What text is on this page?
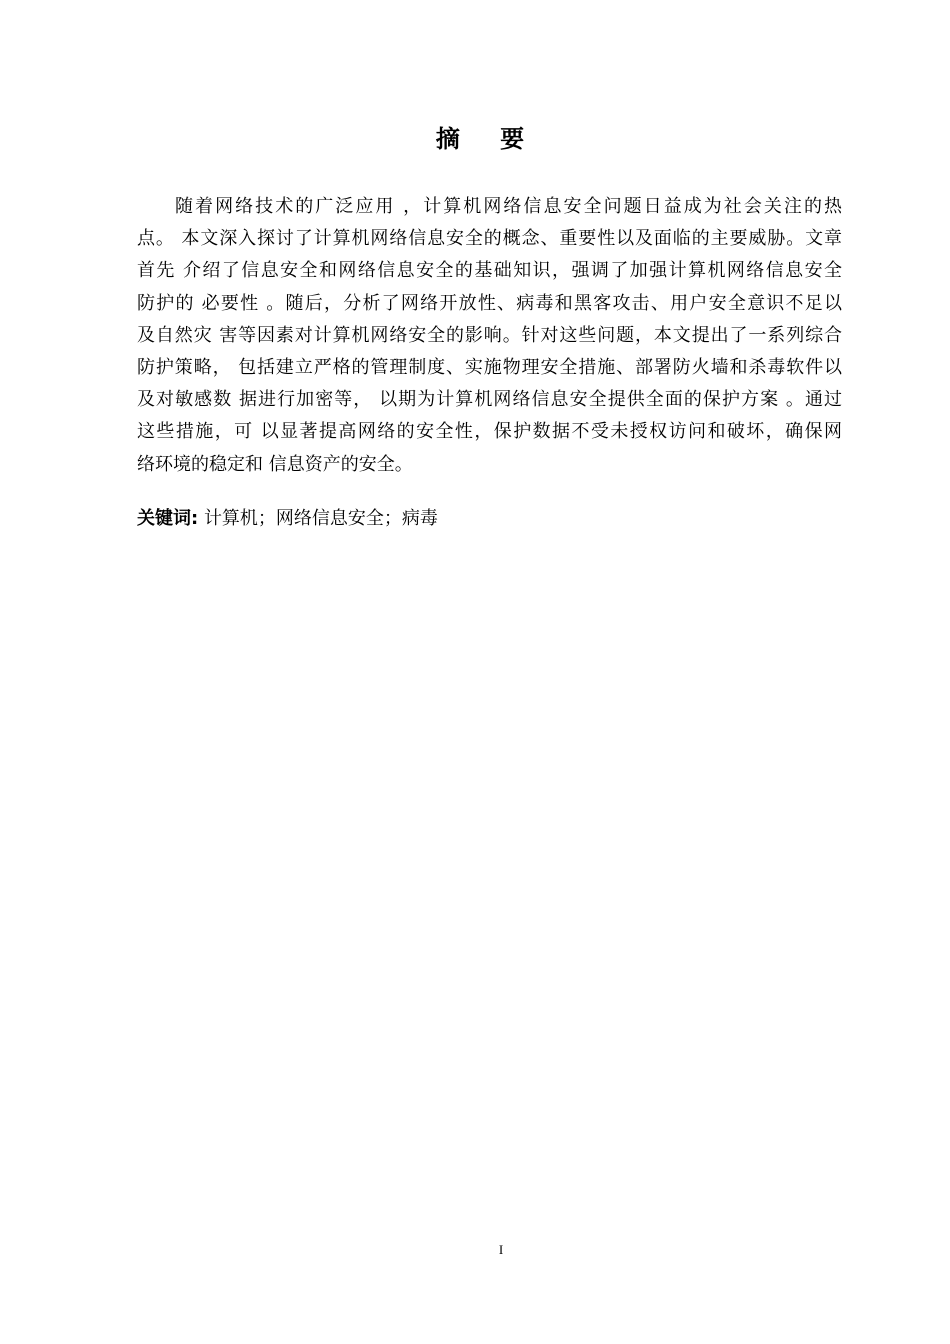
摘 要
随着网络技术的广泛应用 ，计算机网络信息安全问题日益成为社会关注的热
点。 本文深入探讨了计算机网络信息安全的概念、重要性以及面临的主要威胁。文章
首先 介绍了信息安全和网络信息安全的基础知识，强调了加强计算机网络信息安全
防护的 必要性 。随后，分析了网络开放性、病毒和黑客攻击、用户安全意识不足以
及自然灾 害等因素对计算机网络安全的影响。针对这些问题，本文提出了一系列综合
防护策略， 包括建立严格的管理制度、实施物理安全措施、部署防火墙和杀毒软件以
及对敏感数 据进行加密等， 以期为计算机网络信息安全提供全面的保护方案 。通过
这些措施，可 以显著提高网络的安全性，保护数据不受未授权访问和破坏，确保网
络环境的稳定和 信息资产的安全。
关键词: 计算机；网络信息安全；病毒
I
